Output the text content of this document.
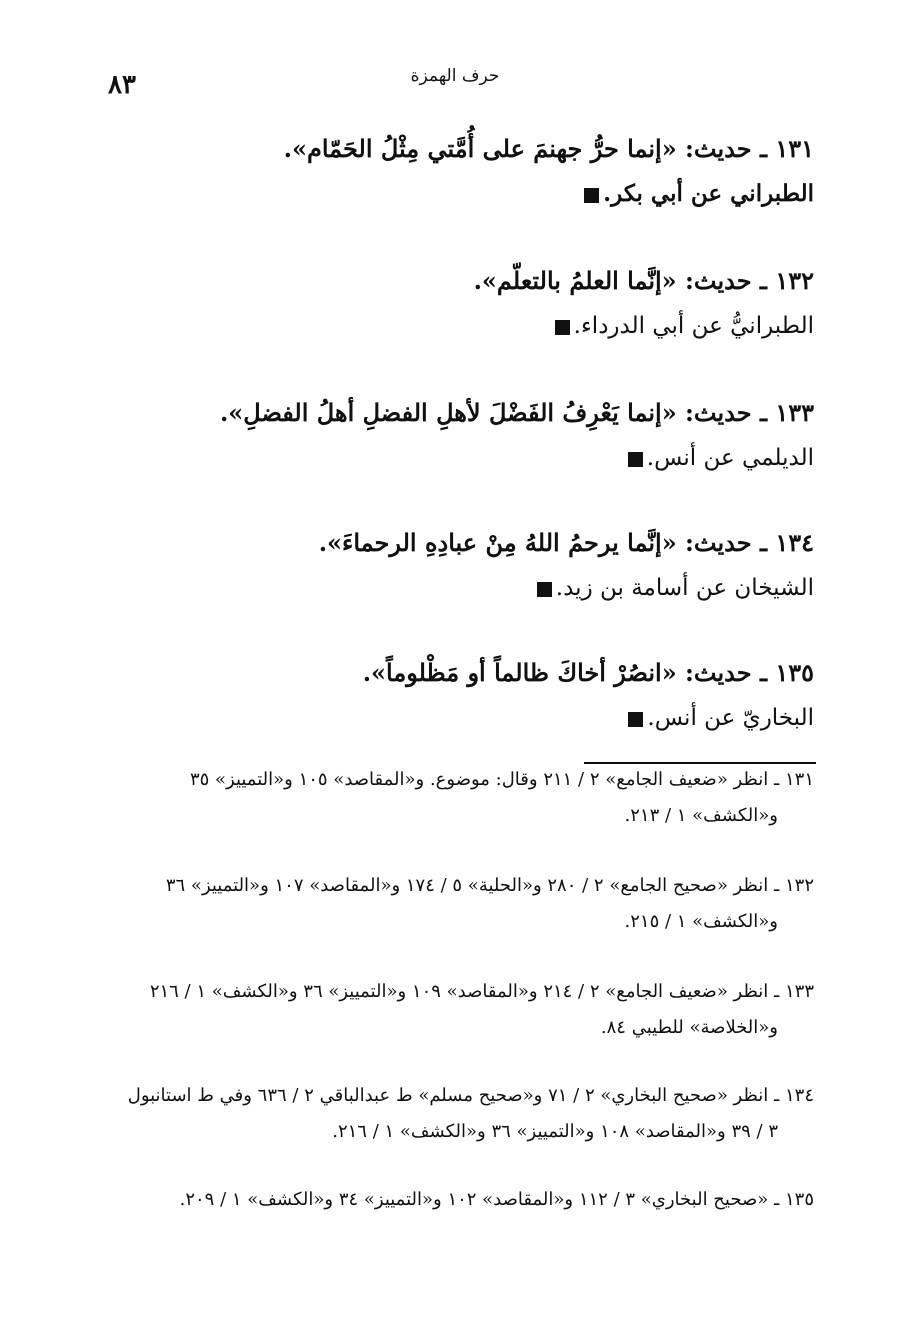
٨٣	حرف الهمزة
١٣١ ـ حديث: «إنما حرُّ جهنمَ على أُمَّتي مِثْلُ الحَمّام».
الطبراني عن أبي بكر.
١٣٢ ـ حديث: «إنَّما العلمُ بالتعلّم».
الطبرانيُّ عن أبي الدرداء.
١٣٣ ـ حديث: «إنما يَعْرِفُ الفَضْلَ لأهلِ الفضلِ أهلُ الفضلِ».
الديلمي عن أنس.
١٣٤ ـ حديث: «إنَّما يرحمُ اللهُ مِنْ عبادِهِ الرحماءَ».
الشيخان عن أسامة بن زيد.
١٣٥ ـ حديث: «انصُرْ أخاكَ ظالماً أو مَظْلوماً».
البخاريّ عن أنس.
١٣١ ـ انظر «ضعيف الجامع» ٢ / ٢١١ وقال: موضوع. و«المقاصد» ١٠٥ و«التمييز» ٣٥
و«الكشف» ١ / ٢١٣.
١٣٢ ـ انظر «صحيح الجامع» ٢ / ٢٨٠ و«الحلية» ٥ / ١٧٤ و«المقاصد» ١٠٧ و«التمييز» ٣٦
و«الكشف» ١ / ٢١٥.
١٣٣ ـ انظر «ضعيف الجامع» ٢ / ٢١٤ و«المقاصد» ١٠٩ و«التمييز» ٣٦ و«الكشف» ١ / ٢١٦
و«الخلاصة» للطيبي ٨٤.
١٣٤ ـ انظر «صحيح البخاري» ٢ / ٧١ و«صحيح مسلم» ط عبدالباقي ٢ / ٦٣٦ وفي ط استانبول
٣ / ٣٩ و«المقاصد» ١٠٨ و«التمييز» ٣٦ و«الكشف» ١ / ٢١٦.
١٣٥ ـ «صحيح البخاري» ٣ / ١١٢ و«المقاصد» ١٠٢ و«التمييز» ٣٤ و«الكشف» ١ / ٢٠٩.
